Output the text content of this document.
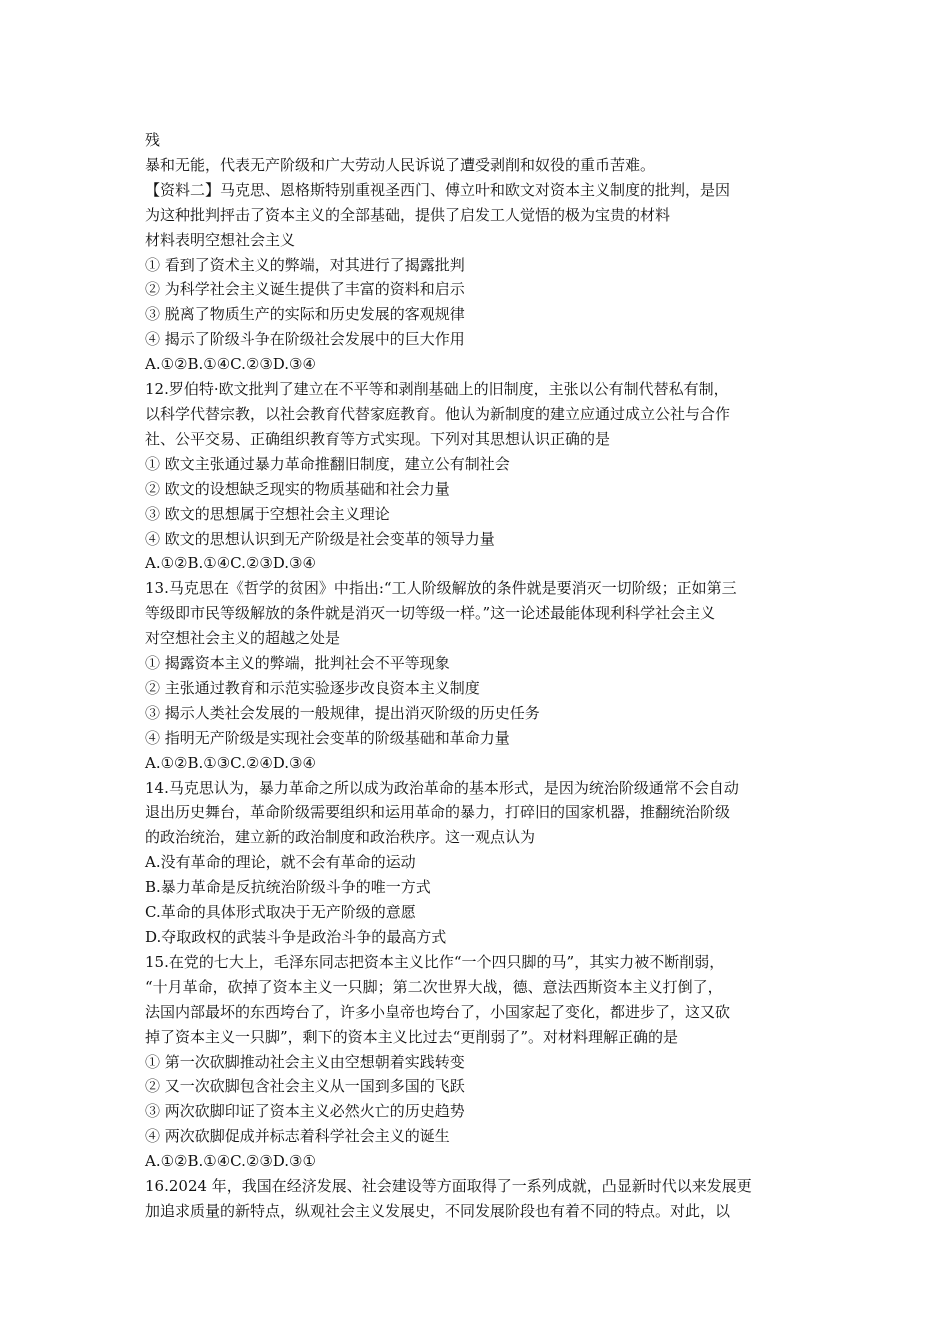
残
暴和无能，代表无产阶级和广大劳动人民诉说了遭受剥削和奴役的重币苦难。
【资料二】马克思、恩格斯特别重视圣西门、傅立叶和欧文对资本主义制度的批判，是因
为这种批判抨击了资本主义的全部基础，提供了启发工人觉悟的极为宝贵的材料
材料表明空想社会主义
① 看到了资术主义的弊端，对其进行了揭露批判
② 为科学社会主义诞生提供了丰富的资料和启示
③ 脱离了物质生产的实际和历史发展的客观规律
④ 揭示了阶级斗争在阶级社会发展中的巨大作用
A.①②B.①④C.②③D.③④
12.罗伯特·欧文批判了建立在不平等和剥削基础上的旧制度，主张以公有制代替私有制，
以科学代替宗教，以社会教育代替家庭教育。他认为新制度的建立应通过成立公社与合作
社、公平交易、正确组织教育等方式实现。下列对其思想认识正确的是
① 欧文主张通过暴力革命推翻旧制度，建立公有制社会
② 欧文的设想缺乏现实的物质基础和社会力量
③ 欧文的思想属于空想社会主义理论
④ 欧文的思想认识到无产阶级是社会变革的领导力量
A.①②B.①④C.②③D.③④
13.马克思在《哲学的贫困》中指出:“工人阶级解放的条件就是要消灭一切阶级；正如第三
等级即市民等级解放的条件就是消灭一切等级一样。”这一论述最能体现利科学社会主义
对空想社会主义的超越之处是
① 揭露资本主义的弊端，批判社会不平等现象
② 主张通过教育和示范实验逐步改良资本主义制度
③ 揭示人类社会发展的一般规律，提出消灭阶级的历史任务
④ 指明无产阶级是实现社会变革的阶级基础和革命力量
A.①②B.①③C.②④D.③④
14.马克思认为，暴力革命之所以成为政治革命的基本形式，是因为统治阶级通常不会自动
退出历史舞台，革命阶级需要组织和运用革命的暴力，打碎旧的国家机器，推翻统治阶级
的政治统治，建立新的政治制度和政治秩序。这一观点认为
A.没有革命的理论，就不会有革命的运动
B.暴力革命是反抗统治阶级斗争的唯一方式
C.革命的具体形式取决于无产阶级的意愿
D.夺取政权的武装斗争是政治斗争的最高方式
15.在党的七大上，毛泽东同志把资本主义比作“一个四只脚的马”，其实力被不断削弱，
“十月革命，砍掉了资本主义一只脚；第二次世界大战，德、意法西斯资本主义打倒了，
法国内部最坏的东西垮台了，许多小皇帝也垮台了，小国家起了变化，都进步了，这又砍
掉了资本主义一只脚”，剩下的资本主义比过去“更削弱了”。对材料理解正确的是
① 第一次砍脚推动社会主义由空想朝着实践转变
② 又一次砍脚包含社会主义从一国到多国的飞跃
③ 两次砍脚印证了资本主义必然火亡的历史趋势
④ 两次砍脚促成并标志着科学社会主义的诞生
A.①②B.①④C.②③D.③①
16.2024 年，我国在经济发展、社会建设等方面取得了一系列成就，凸显新时代以来发展更
加追求质量的新特点，纵观社会主义发展史，不同发展阶段也有着不同的特点。对此，以
